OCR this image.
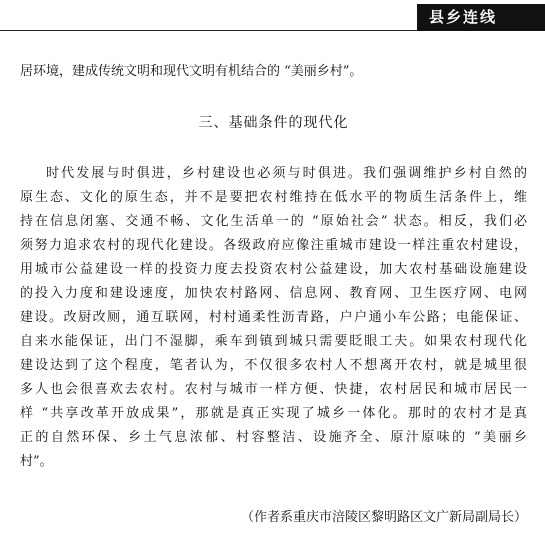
县乡连线
居环境，建成传统文明和现代文明有机结合的 “美丽乡村”。
三、基础条件的现代化
时代发展与时俱进，乡村建设也必须与时俱进。我们强调维护乡村自然的
原生态、文化的原生态，并不是要把农村维持在低水平的物质生活条件上，维
持在信息闭塞、交通不畅、文化生活单一的 “原始社会” 状态。相反，我们必
须努力追求农村的现代化建设。各级政府应像注重城市建设一样注重农村建设，
用城市公益建设一样的投资力度去投资农村公益建设，加大农村基础设施建设
的投入力度和建设速度，加快农村路网、信息网、教育网、卫生医疗网、电网
建设。改厨改厕，通互联网，村村通柔性沥青路，户户通小车公路；电能保证、
自来水能保证，出门不湿脚，乘车到镇到城只需要眨眼工夫。如果农村现代化
建设达到了这个程度，笔者认为，不仅很多农村人不想离开农村，就是城里很
多人也会很喜欢去农村。农村与城市一样方便、快捷，农村居民和城市居民一
样 “共享改革开放成果”，那就是真正实现了城乡一体化。那时的农村才是真
正的自然环保、乡土气息浓郁、村容整洁、设施齐全、原汁原味的 “美丽乡
村”。
（作者系重庆市涪陵区黎明路区文广新局副局长）
